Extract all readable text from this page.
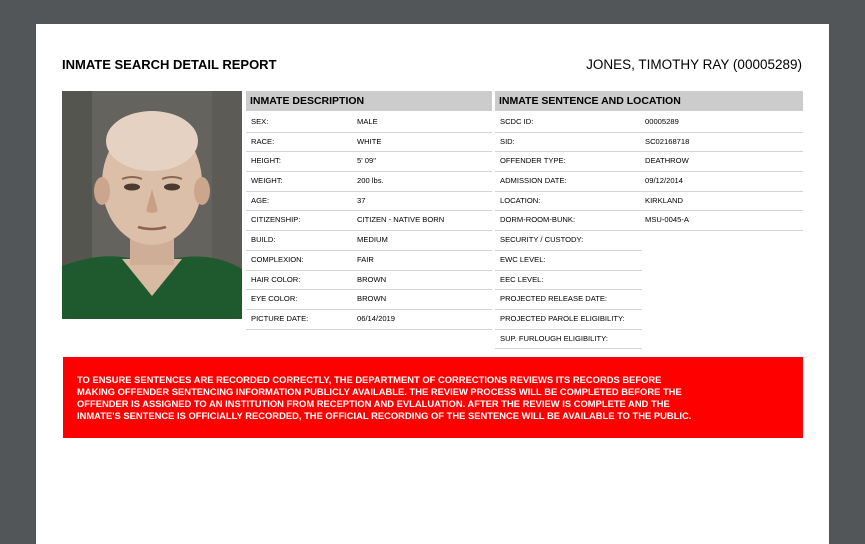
INMATE SEARCH DETAIL REPORT	JONES, TIMOTHY RAY (00005289)
INMATE DESCRIPTION
SEX:	MALE
RACE:	WHITE
HEIGHT:	5' 09"
WEIGHT:	200 lbs.
AGE:	37
CITIZENSHIP:	CITIZEN - NATIVE BORN
BUILD:	MEDIUM
COMPLEXION:	FAIR
HAIR COLOR:	BROWN
EYE COLOR:	BROWN
PICTURE DATE:	06/14/2019
INMATE SENTENCE AND LOCATION
SCDC ID:	00005289
SID:	SC02168718
OFFENDER TYPE:	DEATHROW
ADMISSION DATE:	09/12/2014
LOCATION:	KIRKLAND
DORM-ROOM-BUNK:	MSU-0045-A
SECURITY / CUSTODY:
EWC LEVEL:
EEC LEVEL:
PROJECTED RELEASE DATE:
PROJECTED PAROLE ELIGIBILITY:
SUP. FURLOUGH ELIGIBILITY:
TO ENSURE SENTENCES ARE RECORDED CORRECTLY, THE DEPARTMENT OF CORRECTIONS REVIEWS ITS RECORDS BEFORE
MAKING OFFENDER SENTENCING INFORMATION PUBLICLY AVAILABLE. THE REVIEW PROCESS WILL BE COMPLETED BEFORE THE
OFFENDER IS ASSIGNED TO AN INSTITUTION FROM RECEPTION AND EVLALUATION. AFTER THE REVIEW IS COMPLETE AND THE
INMATE'S SENTENCE IS OFFICIALLY RECORDED, THE OFFICIAL RECORDING OF THE SENTENCE WILL BE AVAILABLE TO THE PUBLIC.
